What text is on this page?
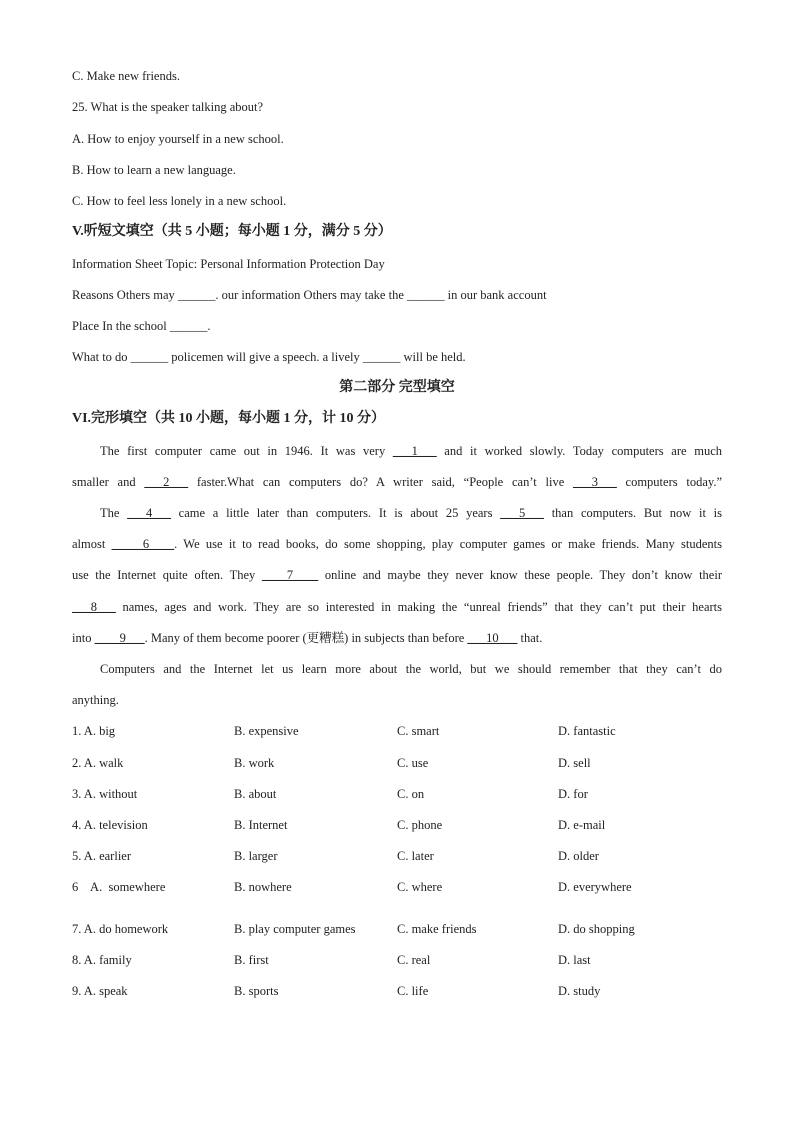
C. Make new friends.
25. What is the speaker talking about?
A. How to enjoy yourself in a new school.
B. How to learn a new language.
C. How to feel less lonely in a new school.
V.听短文填空（共 5 小题；每小题 1 分，满分 5 分）
Information Sheet Topic: Personal Information Protection Day
Reasons Others may ______. our information Others may take the ______ in our bank account
Place In the school ______.
What to do ______ policemen will give a speech. a lively ______ will be held.
第二部分 完型填空
VI.完形填空（共 10 小题，每小题 1 分，计 10 分）
The first computer came out in 1946. It was very ___1___ and it worked slowly. Today computers are much
smaller and ___2___ faster.What can computers do? A writer said, “People can’t live ___3___ computers today.”
The ___4___ came a little later than computers. It is about 25 years ___5___ than computers. But now it is
almost _____6____. We use it to read books, do some shopping, play computer games or make friends. Many students
use the Internet quite often. They ____7____ online and maybe they never know these people. They don’t know their
___8___ names, ages and work. They are so interested in making the “unreal friends” that they can’t put their hearts
into ____9___. Many of them become poorer (更糟糕) in subjects than before ___10___ that.
Computers and the Internet let us learn more about the world, but we should remember that they can’t do
anything.
1. A. big	B. expensive	C. smart	D. fantastic
2. A. walk	B. work	C. use	D. sell
3. A. without	B. about	C. on	D. for
4. A. television	B. Internet	C. phone	D. e-mail
5. A. earlier	B. larger	C. later	D. older
6    A.  somewhere	B. nowhere	C. where	D. everywhere
7. A. do homework	B. play computer games	C. make friends	D. do shopping
8. A. family	B. first	C. real	D. last
9. A. speak	B. sports	C. life	D. study
